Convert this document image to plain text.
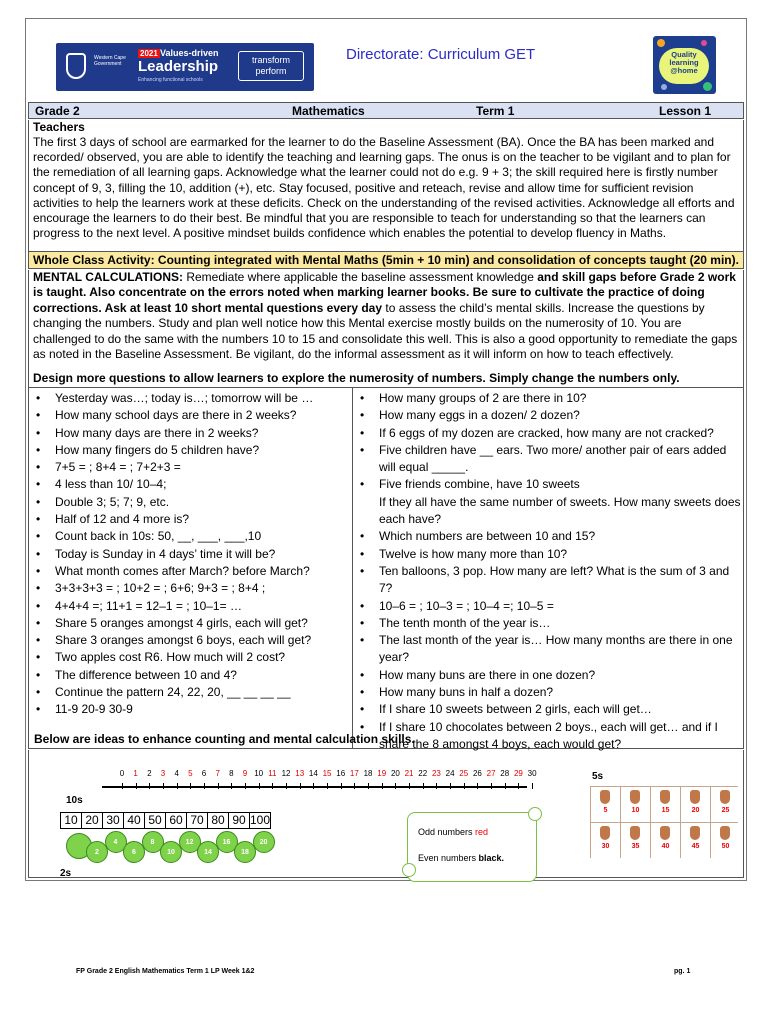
Western Cape Government
2021 Values-driven
Leadership
Enhancing functional schools
transform perform
Directorate: Curriculum GET	Quality learning @home
Grade 2	Mathematics	Term 1	Lesson 1
Teachers

The first 3 days of school are earmarked for the learner to do the Baseline Assessment (BA). Once the BA has been marked and recorded/ observed, you are able to identify the teaching and learning gaps. The onus is on the teacher to be vigilant and to plan for the remediation of all learning gaps. Acknowledge what the learner could not do e.g. 9 + 3; the skill required here is firstly number concept of 9, 3, filling the 10, addition (+), etc. Stay focused, positive and reteach, revise and allow time for sufficient revision activities to help the learners work at these deficits. Check on the understanding of the revised activities. Acknowledge all efforts and encourage the learners to do their best. Be mindful that you are responsible to teach for understanding so that the learners can progress to the next level. A positive mindset builds confidence which enables the potential to develop fluency in Maths.

Whole Class Activity: Counting integrated with Mental Maths (5min + 10 min) and consolidation of concepts taught (20 min).

MENTAL CALCULATIONS: Remediate where applicable the baseline assessment knowledge and skill gaps before Grade 2 work is taught. Also concentrate on the errors noted when marking learner books. Be sure to cultivate the practice of doing corrections. Ask at least 10 short mental questions every day to assess the child’s mental skills. Increase the questions by changing the numbers. Study and plan well notice how this Mental exercise mostly builds on the numerosity of 10. You are challenged to do the same with the numbers 10 to 15 and consolidate this well. This is also a good opportunity to remediate the gaps as noted in the Baseline Assessment. Be vigilant, do the informal assessment as it will inform on how to teach effectively.

Design more questions to allow learners to explore the numerosity of numbers. Simply change the numbers only.
• Yesterday was…; today is…; tomorrow will be …
• How many school days are there in 2 weeks?
• How many days are there in 2 weeks?
• How many fingers do 5 children have?
• 7+5 = ; 8+4 = ; 7+2+3 =
• 4 less than 10/ 10–4;
• Double 3; 5; 7; 9, etc.
• Half of 12 and 4 more is?
• Count back in 10s: 50, __, ___, ___,10
• Today is Sunday in 4 days’ time it will be?
• What month comes after March? before March?
• 3+3+3+3 = ; 10+2 = ; 6+6; 9+3 = ; 8+4 ;
• 4+4+4 =; 11+1 = 12–1 = ; 10–1= …
• Share 5 oranges amongst 4 girls, each will get?
• Share 3 oranges amongst 6 boys, each will get?
• Two apples cost R6. How much will 2 cost?
• The difference between 10 and 4?
• Continue the pattern 24, 22, 20, __ __ __ __
• 11-9 20-9 30-9
• How many groups of 2 are there in 10?
• How many eggs in a dozen/ 2 dozen?
• If 6 eggs of my dozen are cracked, how many are not cracked?
• Five children have __ ears. Two more/ another pair of ears added will equal _____.
• Five friends combine, have 10 sweets
If they all have the same number of sweets. How many sweets does each have?
• Which numbers are between 10 and 15?
• Twelve is how many more than 10?
• Ten balloons, 3 pop. How many are left? What is the sum of 3 and 7?
• 10–6 = ; 10–3 = ; 10–4 =; 10–5 =
• The tenth month of the year is…
• The last month of the year is… How many months are there in one year?
• How many buns are there in one dozen?
• How many buns in half a dozen?
• If I share 10 sweets between 2 girls, each will get…
• If I share 10 chocolates between 2 boys., each will get… and if I share the 8 amongst 4 boys, each would get?
Below are ideas to enhance counting and mental calculation skills.
0	1	2	3	4	5	6	7	8	9 10 11 12 13 14 15 16 17 18 19 20 21 22 23 24 25 26 27 28 29 30
10s
10 20 30 40 50 60 70 80 90 100
2
4
6
8
10
12
14
16
18
20
2s
Odd numbers red
Even numbers black.
5s
5	10	15	20	25
30	35	40	45	50
FP Grade 2 English Mathematics Term 1 LP Week 1&2	pg. 1
